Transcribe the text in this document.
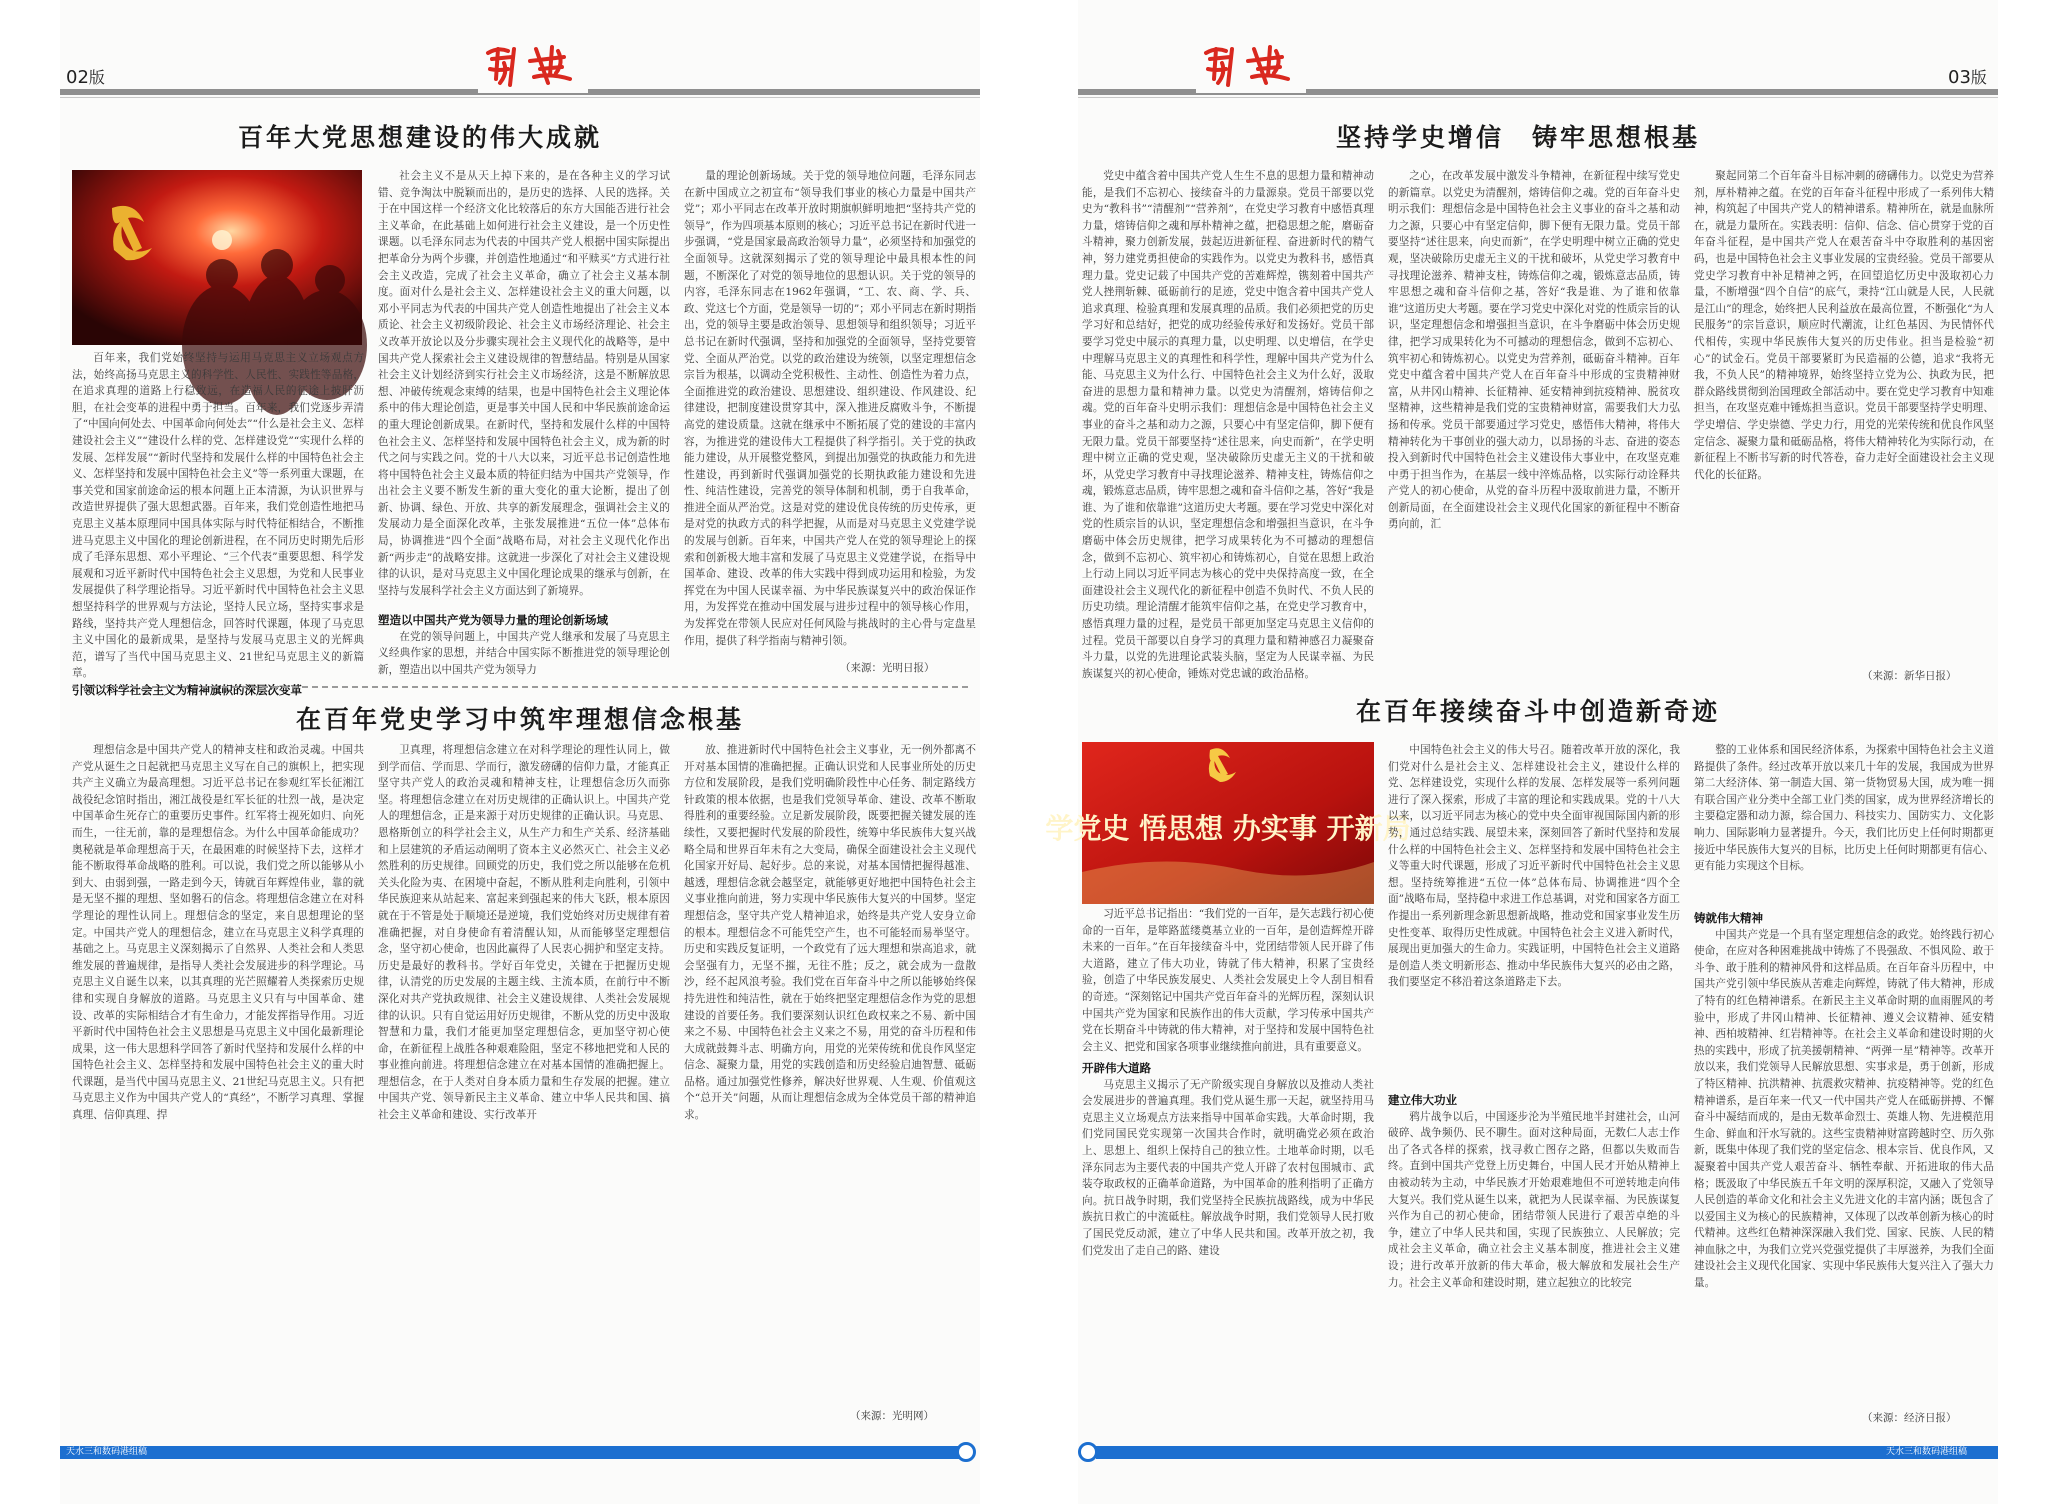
02版
百年大党思想建设的伟大成就

百年来，我们党始终坚持与运用马克思主义立场观点方法，始终高扬马克思主义的科学性、人民性、实践性等品格，在追求真理的道路上行稳致远，在造福人民的征途上披肝沥胆，在社会变革的进程中勇于担当。百年来，我们党逐步弄清了“中国向何处去、中国革命向何处去”“什么是社会主义、怎样建设社会主义”“建设什么样的党、怎样建设党”“实现什么样的发展、怎样发展”“新时代坚持和发展什么样的中国特色社会主义、怎样坚持和发展中国特色社会主义”等一系列重大课题，在事关党和国家前途命运的根本问题上正本清源，为认识世界与改造世界提供了强大思想武器。百年来，我们党创造性地把马克思主义基本原理同中国具体实际与时代特征相结合，不断推进马克思主义中国化的理论创新进程，在不同历史时期先后形成了毛泽东思想、邓小平理论、“三个代表”重要思想、科学发展观和习近平新时代中国特色社会主义思想，为党和人民事业发展提供了科学理论指导。习近平新时代中国特色社会主义思想坚持科学的世界观与方法论，坚持人民立场，坚持实事求是路线，坚持共产党人理想信念，回答时代课题，体现了马克思主义中国化的最新成果，是坚持与发展马克思主义的光辉典范，谱写了当代中国马克思主义、21世纪马克思主义的新篇章。

引领以科学社会主义为精神旗帜的深层次变革

社会主义不是从天上掉下来的，是在各种主义的学习试错、竞争淘汰中脱颖而出的，是历史的选择、人民的选择。关于在中国这样一个经济文化比较落后的东方大国能否进行社会主义革命，在此基础上如何进行社会主义建设，是一个历史性课题。以毛泽东同志为代表的中国共产党人根据中国实际提出把革命分为两个步骤，并创造性地通过“和平赎买”方式进行社会主义改造，完成了社会主义革命，确立了社会主义基本制度。面对什么是社会主义、怎样建设社会主义的重大问题，以邓小平同志为代表的中国共产党人创造性地提出了社会主义本质论、社会主义初级阶段论、社会主义市场经济理论、社会主义改革开放论以及分步骤实现社会主义现代化的战略等，是中国共产党人探索社会主义建设规律的智慧结晶。特别是从国家社会主义计划经济到实行社会主义市场经济，这是不断解放思想、冲破传统观念束缚的结果，也是中国特色社会主义理论体系中的伟大理论创造，更是事关中国人民和中华民族前途命运的重大理论创新成果。在新时代，坚持和发展什么样的中国特色社会主义、怎样坚持和发展中国特色社会主义，成为新的时代之问与实践之问。党的十八大以来，习近平总书记创造性地将中国特色社会主义最本质的特征归结为中国共产党领导，作出社会主义要不断发生新的重大变化的重大论断，提出了创新、协调、绿色、开放、共享的新发展理念，强调社会主义的发展动力是全面深化改革，主张发展推进“五位一体”总体布局，协调推进“四个全面”战略布局，对社会主义现代化作出新“两步走”的战略安排。这就进一步深化了对社会主义建设规律的认识，是对马克思主义中国化理论成果的继承与创新，在坚持与发展科学社会主义方面达到了新境界。

塑造以中国共产党为领导力量的理论创新场域

在党的领导问题上，中国共产党人继承和发展了马克思主义经典作家的思想，并结合中国实际不断推进党的领导理论创新，塑造出以中国共产党为领导力

量的理论创新场域。关于党的领导地位问题，毛泽东同志在新中国成立之初宣布“领导我们事业的核心力量是中国共产党”；邓小平同志在改革开放时期旗帜鲜明地把“坚持共产党的领导”，作为四项基本原则的核心；习近平总书记在新时代进一步强调，“党是国家最高政治领导力量”，必须坚持和加强党的全面领导。这就深刻揭示了党的领导理论中最具根本性的问题，不断深化了对党的领导地位的思想认识。关于党的领导的内容，毛泽东同志在1962年强调，“工、农、商、学、兵、政、党这七个方面，党是领导一切的”；邓小平同志在新时期指出，党的领导主要是政治领导、思想领导和组织领导；习近平总书记在新时代强调，坚持和加强党的全面领导，坚持党要管党、全面从严治党。以党的政治建设为统领，以坚定理想信念宗旨为根基，以调动全党积极性、主动性、创造性为着力点，全面推进党的政治建设、思想建设、组织建设、作风建设、纪律建设，把制度建设贯穿其中，深入推进反腐败斗争，不断提高党的建设质量。这就在继承中不断拓展了党的建设的丰富内容，为推进党的建设伟大工程提供了科学指引。关于党的执政能力建设，从开展整党整风，到提出加强党的执政能力和先进性建设，再到新时代强调加强党的长期执政能力建设和先进性、纯洁性建设，完善党的领导体制和机制，勇于自我革命，推进全面从严治党。这是对党的建设优良传统的历史传承，更是对党的执政方式的科学把握，从而是对马克思主义党建学说的发展与创新。百年来，中国共产党人在党的领导理论上的探索和创新极大地丰富和发展了马克思主义党建学说，在指导中国革命、建设、改革的伟大实践中得到成功运用和检验，为发挥党在为中国人民谋幸福、为中华民族谋复兴中的政治保证作用，为发挥党在推动中国发展与进步过程中的领导核心作用，为发挥党在带领人民应对任何风险与挑战时的主心骨与定盘星作用，提供了科学指南与精神引领。

（来源：光明日报）
在百年党史学习中筑牢理想信念根基

理想信念是中国共产党人的精神支柱和政治灵魂。中国共产党从诞生之日起就把马克思主义写在自己的旗帜上，把实现共产主义确立为最高理想。习近平总书记在参观红军长征湘江战役纪念馆时指出，湘江战役是红军长征的壮烈一战，是决定中国革命生死存亡的重要历史事件。红军将士视死如归、向死而生，一往无前，靠的是理想信念。为什么中国革命能成功？奥秘就是革命理想高于天，在最困难的时候坚持下去，这样才能不断取得革命战略的胜利。可以说，我们党之所以能够从小到大、由弱到强，一路走到今天，铸就百年辉煌伟业，靠的就是无坚不摧的理想、坚如磐石的信念。将理想信念建立在对科学理论的理性认同上。理想信念的坚定，来自思想理论的坚定。中国共产党人的理想信念，建立在马克思主义科学真理的基础之上。马克思主义深刻揭示了自然界、人类社会和人类思维发展的普遍规律，是指导人类社会发展进步的科学理论。马克思主义自诞生以来，以其真理的光芒照耀着人类探索历史规律和实现自身解放的道路。马克思主义只有与中国革命、建设、改革的实际相结合才有生命力，才能发挥指导作用。习近平新时代中国特色社会主义思想是马克思主义中国化最新理论成果，这一伟大思想科学回答了新时代坚持和发展什么样的中国特色社会主义、怎样坚持和发展中国特色社会主义的重大时代课题，是当代中国马克思主义、21世纪马克思主义。只有把马克思主义作为中国共产党人的“真经”，不断学习真理、掌握真理、信仰真理、捍

卫真理，将理想信念建立在对科学理论的理性认同上，做到学而信、学而思、学而行，激发磅礴的信仰力量，才能真正坚守共产党人的政治灵魂和精神支柱，让理想信念历久而弥坚。将理想信念建立在对历史规律的正确认识上。中国共产党人的理想信念，正是来源于对历史规律的正确认识。马克思、恩格斯创立的科学社会主义，从生产力和生产关系、经济基础和上层建筑的矛盾运动阐明了资本主义必然灭亡、社会主义必然胜利的历史规律。回顾党的历史，我们党之所以能够在危机关头化险为夷、在困境中奋起，不断从胜利走向胜利，引领中华民族迎来从站起来、富起来到强起来的伟大飞跃，根本原因就在于不管是处于顺境还是逆境，我们党始终对历史规律有着准确把握，对自身使命有着清醒认知，从而能够坚定理想信念，坚守初心使命，也因此赢得了人民衷心拥护和坚定支持。历史是最好的教科书。学好百年党史，关键在于把握历史规律，认清党的历史发展的主题主线、主流本质，在前行中不断深化对共产党执政规律、社会主义建设规律、人类社会发展规律的认识。只有自觉运用好历史规律，不断从党的历史中汲取智慧和力量，我们才能更加坚定理想信念，更加坚守初心使命，在新征程上战胜各种艰难险阻，坚定不移地把党和人民的事业推向前进。将理想信念建立在对基本国情的准确把握上。理想信念，在于人类对自身本质力量和生存发展的把握。建立中国共产党、领导新民主主义革命、建立中华人民共和国、搞社会主义革命和建设、实行改革开

放、推进新时代中国特色社会主义事业，无一例外都离不开对基本国情的准确把握。正确认识党和人民事业所处的历史方位和发展阶段，是我们党明确阶段性中心任务、制定路线方针政策的根本依据，也是我们党领导革命、建设、改革不断取得胜利的重要经验。立足新发展阶段，既要把握关键发展的连续性，又要把握时代发展的阶段性，统筹中华民族伟大复兴战略全局和世界百年未有之大变局，确保全面建设社会主义现代化国家开好局、起好步。总的来说，对基本国情把握得越准、越透，理想信念就会越坚定，就能够更好地把中国特色社会主义事业推向前进，努力实现中华民族伟大复兴的中国梦。坚定理想信念，坚守共产党人精神追求，始终是共产党人安身立命的根本。理想信念不可能凭空产生，也不可能轻而易举坚守。历史和实践反复证明，一个政党有了远大理想和崇高追求，就会坚强有力，无坚不摧，无往不胜；反之，就会成为一盘散沙，经不起风浪考验。我们党在百年奋斗中之所以能够始终保持先进性和纯洁性，就在于始终把坚定理想信念作为党的思想建设的首要任务。我们要深刻认识红色政权来之不易、新中国来之不易、中国特色社会主义来之不易，用党的奋斗历程和伟大成就鼓舞斗志、明确方向，用党的光荣传统和优良作风坚定信念、凝聚力量，用党的实践创造和历史经验启迪智慧、砥砺品格。通过加强党性修养，解决好世界观、人生观、价值观这个“总开关”问题，从而让理想信念成为全体党员干部的精神追求。

（来源：光明网）
天水三和数码港组稿
03版
坚持学史增信　铸牢思想根基

党史中蕴含着中国共产党人生生不息的思想力量和精神动能，是我们不忘初心、接续奋斗的力量源泉。党员干部要以党史为“教科书”“清醒剂”“营养剂”，在党史学习教育中感悟真理力量，熔铸信仰之魂和厚朴精神之蕴，把稳思想之舵，磨砺奋斗精神，聚力创新发展，鼓起迈进新征程、奋进新时代的精气神，努力建党勇担使命的实践作为。以党史为教科书，感悟真理力量。党史记载了中国共产党的苦难辉煌，镌刻着中国共产党人挫荆斩棘、砥砺前行的足迹，党史中饱含着中国共产党人追求真理、检验真理和发展真理的品质。我们必须把党的历史学习好和总结好，把党的成功经验传承好和发扬好。党员干部要学习党史中展示的真理力量，以史明理、以史增信，在学史中理解马克思主义的真理性和科学性，理解中国共产党为什么能、马克思主义为什么行、中国特色社会主义为什么好，汲取奋进的思想力量和精神力量。以党史为清醒剂，熔铸信仰之魂。党的百年奋斗史明示我们：理想信念是中国特色社会主义事业的奋斗之基和动力之源，只要心中有坚定信仰，脚下便有无限力量。党员干部要坚持“述往思来，向史而新”，在学史明理中树立正确的党史观，坚决破除历史虚无主义的干扰和破坏，从党史学习教育中寻找理论滋养、精神支柱，铸炼信仰之魂，锻炼意志品质，铸牢思想之魂和奋斗信仰之基，答好“我是谁、为了谁和依靠谁”这道历史大考题。要在学习党史中深化对党的性质宗旨的认识，坚定理想信念和增强担当意识，在斗争磨砺中体会历史规律，把学习成果转化为不可撼动的理想信念，做到不忘初心、筑牢初心和铸炼初心，自觉在思想上政治上行动上同以习近平同志为核心的党中央保持高度一致，在全面建设社会主义现代化的新征程中创造不负时代、不负人民的历史功绩。理论清醒才能筑牢信仰之基，在党史学习教育中，感悟真理力量的过程，是党员干部更加坚定马克思主义信仰的过程。党员干部要以自身学习的真理力量和精神感召力凝聚奋斗力量，以党的先进理论武装头脑，坚定为人民谋幸福、为民族谋复兴的初心使命，锤炼对党忠诚的政治品格。

之心，在改革发展中激发斗争精神，在新征程中续写党史的新篇章。以党史为清醒剂，熔铸信仰之魂。党的百年奋斗史明示我们：理想信念是中国特色社会主义事业的奋斗之基和动力之源，只要心中有坚定信仰，脚下便有无限力量。党员干部要坚持“述往思来，向史而新”，在学史明理中树立正确的党史观，坚决破除历史虚无主义的干扰和破坏，从党史学习教育中寻找理论滋养、精神支柱，铸炼信仰之魂，锻炼意志品质，铸牢思想之魂和奋斗信仰之基，答好“我是谁、为了谁和依靠谁”这道历史大考题。要在学习党史中深化对党的性质宗旨的认识，坚定理想信念和增强担当意识，在斗争磨砺中体会历史规律，把学习成果转化为不可撼动的理想信念，做到不忘初心、筑牢初心和铸炼初心。以党史为营养剂，砥砺奋斗精神。百年党史中蕴含着中国共产党人在百年奋斗中形成的宝贵精神财富，从井冈山精神、长征精神、延安精神到抗疫精神、脱贫攻坚精神，这些精神是我们党的宝贵精神财富，需要我们大力弘扬和传承。党员干部要通过学习党史，感悟伟大精神，将伟大精神转化为干事创业的强大动力，以昂扬的斗志、奋进的姿态投入到新时代中国特色社会主义建设伟大事业中，在攻坚克难中勇于担当作为，在基层一线中淬炼品格，以实际行动诠释共产党人的初心使命，从党的奋斗历程中汲取前进力量，不断开创新局面，在全面建设社会主义现代化国家的新征程中不断奋勇向前，汇

聚起同第二个百年奋斗目标冲刺的磅礴伟力。以党史为营养剂，厚朴精神之蕴。在党的百年奋斗征程中形成了一系列伟大精神，构筑起了中国共产党人的精神谱系。精神所在，就是血脉所在，就是力量所在。实践表明：信仰、信念、信心贯穿于党的百年奋斗征程，是中国共产党人在艰苦奋斗中夺取胜利的基因密码，也是中国特色社会主义事业发展的宝贵经验。党员干部要从党史学习教育中补足精神之钙，在回望追忆历史中汲取初心力量，不断增强“四个自信”的底气，秉持“江山就是人民，人民就是江山”的理念，始终把人民利益放在最高位置，不断强化“为人民服务”的宗旨意识，顺应时代潮流，让红色基因、为民情怀代代相传，实现中华民族伟大复兴的历史伟业。担当是检验“初心”的试金石。党员干部要紧盯为民造福的公德，追求“我将无我，不负人民”的精神境界，始终坚持立党为公、执政为民，把群众路线贯彻到治国理政全部活动中。要在党史学习教育中知难担当，在攻坚克难中锤炼担当意识。党员干部要坚持学史明理、学史增信、学史崇德、学史力行，用党的光荣传统和优良作风坚定信念、凝聚力量和砥砺品格，将伟大精神转化为实际行动，在新征程上不断书写新的时代答卷，奋力走好全面建设社会主义现代化的长征路。

（来源：新华日报）
在百年接续奋斗中创造新奇迹
学党史 悟思想 办实事 开新局

习近平总书记指出：“我们党的一百年，是矢志践行初心使命的一百年，是筚路蓝缕奠基立业的一百年，是创造辉煌开辟未来的一百年。”在百年接续奋斗中，党团结带领人民开辟了伟大道路，建立了伟大功业，铸就了伟大精神，积累了宝贵经验，创造了中华民族发展史、人类社会发展史上令人刮目相看的奇迹。“深刻铭记中国共产党百年奋斗的光辉历程，深刻认识中国共产党为国家和民族作出的伟大贡献，学习传承中国共产党在长期奋斗中铸就的伟大精神，对于坚持和发展中国特色社会主义、把党和国家各项事业继续推向前进，具有重要意义。

开辟伟大道路

马克思主义揭示了无产阶级实现自身解放以及推动人类社会发展进步的普遍真理。我们党从诞生那一天起，就坚持用马克思主义立场观点方法来指导中国革命实践。大革命时期，我们党同国民党实现第一次国共合作时，就明确党必须在政治上、思想上、组织上保持自己的独立性。土地革命时期，以毛泽东同志为主要代表的中国共产党人开辟了农村包围城市、武装夺取政权的正确革命道路，为中国革命的胜利指明了正确方向。抗日战争时期，我们党坚持全民族抗战路线，成为中华民族抗日救亡的中流砥柱。解放战争时期，我们党领导人民打败了国民党反动派，建立了中华人民共和国。改革开放之初，我们党发出了走自己的路、建设

中国特色社会主义的伟大号召。随着改革开放的深化，我们党对什么是社会主义、怎样建设社会主义，建设什么样的党、怎样建设党，实现什么样的发展、怎样发展等一系列问题进行了深入探索，形成了丰富的理论和实践成果。党的十八大以来，以习近平同志为核心的党中央全面审视国际国内新的形势，通过总结实践、展望未来，深刻回答了新时代坚持和发展什么样的中国特色社会主义、怎样坚持和发展中国特色社会主义等重大时代课题，形成了习近平新时代中国特色社会主义思想。坚持统筹推进“五位一体”总体布局、协调推进“四个全面”战略布局，坚持稳中求进工作总基调，对党和国家各方面工作提出一系列新理念新思想新战略，推动党和国家事业发生历史性变革、取得历史性成就。中国特色社会主义进入新时代，展现出更加强大的生命力。实践证明，中国特色社会主义道路是创造人类文明新形态、推动中华民族伟大复兴的必由之路，我们要坚定不移沿着这条道路走下去。

建立伟大功业

鸦片战争以后，中国逐步沦为半殖民地半封建社会，山河破碎、战争频仍、民不聊生。面对这种局面，无数仁人志士作出了各式各样的探索，找寻救亡图存之路，但都以失败而告终。直到中国共产党登上历史舞台，中国人民才开始从精神上由被动转为主动，中华民族才开始艰难地但不可逆转地走向伟大复兴。我们党从诞生以来，就把为人民谋幸福、为民族谋复兴作为自己的初心使命，团结带领人民进行了艰苦卓绝的斗争，建立了中华人民共和国，实现了民族独立、人民解放；完成社会主义革命，确立社会主义基本制度，推进社会主义建设；进行改革开放新的伟大革命，极大解放和发展社会生产力。社会主义革命和建设时期，建立起独立的比较完

整的工业体系和国民经济体系，为探索中国特色社会主义道路提供了条件。经过改革开放以来几十年的发展，我国成为世界第二大经济体、第一制造大国、第一货物贸易大国，成为唯一拥有联合国产业分类中全部工业门类的国家，成为世界经济增长的主要稳定器和动力源，综合国力、科技实力、国防实力、文化影响力、国际影响力显著提升。今天，我们比历史上任何时期都更接近中华民族伟大复兴的目标，比历史上任何时期都更有信心、更有能力实现这个目标。

铸就伟大精神

中国共产党是一个具有坚定理想信念的政党。始终践行初心使命，在应对各种困难挑战中铸炼了不畏强敌、不惧风险、敢于斗争、敢于胜利的精神风骨和这样品质。在百年奋斗历程中，中国共产党引领中华民族从苦难走向辉煌，铸就了伟大精神，形成了特有的红色精神谱系。在新民主主义革命时期的血雨腥风的考验中，形成了井冈山精神、长征精神、遵义会议精神、延安精神、西柏坡精神、红岩精神等。在社会主义革命和建设时期的火热的实践中，形成了抗美援朝精神、“两弹一星”精神等。改革开放以来，我们党领导人民解放思想、实事求是，勇于创新，形成了特区精神、抗洪精神、抗震救灾精神、抗疫精神等。党的红色精神谱系，是百年来一代又一代中国共产党人在砥砺拼搏、不懈奋斗中凝结而成的，是由无数革命烈士、英雄人物、先进模范用生命、鲜血和汗水写就的。这些宝贵精神财富跨越时空、历久弥新，既集中体现了我们党的坚定信念、根本宗旨、优良作风，又凝聚着中国共产党人艰苦奋斗、牺牲奉献、开拓进取的伟大品格；既汲取了中华民族五千年文明的深厚积淀，又融入了党领导人民创造的革命文化和社会主义先进文化的丰富内涵；既包含了以爱国主义为核心的民族精神，又体现了以改革创新为核心的时代精神。这些红色精神深深融入我们党、国家、民族、人民的精神血脉之中，为我们立党兴党强党提供了丰厚滋养，为我们全面建设社会主义现代化国家、实现中华民族伟大复兴注入了强大力量。

（来源：经济日报）
天水三和数码港组稿
